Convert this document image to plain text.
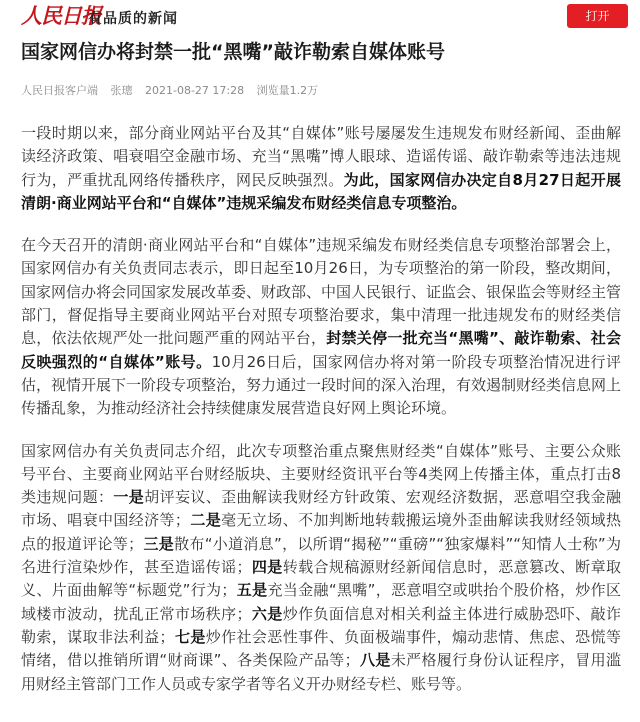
人民日报
有品质的新闻	打开
国家网信办将封禁一批“黑嘴”敲诈勒索自媒体账号
人民日报客户端 张璁 2021-08-27 17:28 浏览量1.2万

一段时期以来，部分商业网站平台及其“自媒体”账号屡屡发生违规发布财经新闻、歪曲解读经济政策、唱衰唱空金融市场、充当“黑嘴”博人眼球、造谣传谣、敲诈勒索等违法违规行为，严重扰乱网络传播秩序，网民反映强烈。为此，国家网信办决定自8月27日起开展清朗·商业网站平台和“自媒体”违规采编发布财经类信息专项整治。

在今天召开的清朗·商业网站平台和“自媒体”违规采编发布财经类信息专项整治部署会上，国家网信办有关负责同志表示，即日起至10月26日，为专项整治的第一阶段，整改期间，国家网信办将会同国家发展改革委、财政部、中国人民银行、证监会、银保监会等财经主管部门，督促指导主要商业网站平台对照专项整治要求，集中清理一批违规发布的财经类信息，依法依规严处一批问题严重的网站平台，封禁关停一批充当“黑嘴”、敲诈勒索、社会反映强烈的“自媒体”账号。10月26日后，国家网信办将对第一阶段专项整治情况进行评估，视情开展下一阶段专项整治，努力通过一段时间的深入治理，有效遏制财经类信息网上传播乱象，为推动经济社会持续健康发展营造良好网上舆论环境。

国家网信办有关负责同志介绍，此次专项整治重点聚焦财经类“自媒体”账号、主要公众账号平台、主要商业网站平台财经版块、主要财经资讯平台等4类网上传播主体，重点打击8类违规问题：一是胡评妄议、歪曲解读我财经方针政策、宏观经济数据，恶意唱空我金融市场、唱衰中国经济等；二是毫无立场、不加判断地转载搬运境外歪曲解读我财经领域热点的报道评论等；三是散布“小道消息”，以所谓“揭秘”“重磅”“独家爆料”“知情人士称”为名进行渲染炒作，甚至造谣传谣；四是转载合规稿源财经新闻信息时，恶意篡改、断章取义、片面曲解等“标题党”行为；五是充当金融“黑嘴”，恶意唱空或哄抬个股价格，炒作区域楼市波动，扰乱正常市场秩序；六是炒作负面信息对相关利益主体进行威胁恐吓、敲诈勒索，谋取非法利益；七是炒作社会恶性事件、负面极端事件，煽动悲情、焦虑、恐慌等情绪，借以推销所谓“财商课”、各类保险产品等；八是未严格履行身份认证程序，冒用滥用财经主管部门工作人员或专家学者等名义开办财经专栏、账号等。
